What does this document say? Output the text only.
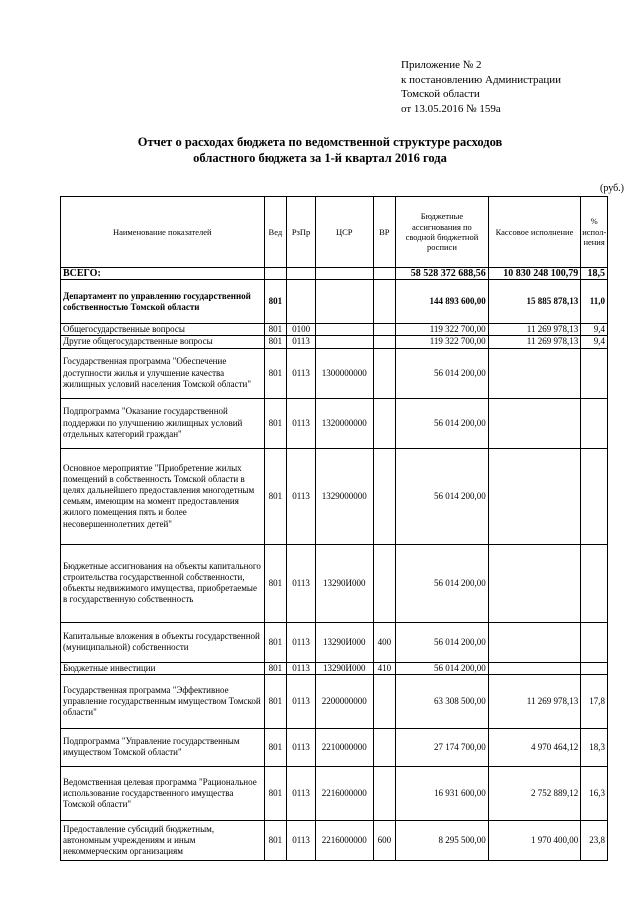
Приложение № 2
к постановлению Администрации
Томской области
от 13.05.2016 № 159а
Отчет о расходах бюджета по ведомственной структуре расходов
областного бюджета за 1-й квартал 2016 года
(руб.)
Наименование показателей	Вед	РзПр	ЦСР	ВР	Бюджетные ассигнования по сводной бюджетной росписи	Кассовое исполнение	% испол-нения
ВСЕГО:					58 528 372 688,56	10 830 248 100,79	18,5
Департамент по управлению государственной собственностью Томской области	801				144 893 600,00	15 885 878,13	11,0
Общегосударственные вопросы	801	0100			119 322 700,00	11 269 978,13	9,4
Другие общегосударственные вопросы	801	0113			119 322 700,00	11 269 978,13	9,4
Государственная программа "Обеспечение доступности жилья и улучшение качества жилищных условий населения Томской области"	801	0113	1300000000		56 014 200,00		
Подпрограмма "Оказание государственной поддержки по улучшению жилищных условий отдельных категорий граждан"	801	0113	1320000000		56 014 200,00		
Основное мероприятие "Приобретение жилых помещений в собственность Томской области в целях дальнейшего предоставления многодетным семьям, имеющим на момент предоставления жилого помещения пять и более несовершеннолетних детей"	801	0113	1329000000		56 014 200,00		
Бюджетные ассигнования на объекты капитального строительства государственной собственности, объекты недвижимого имущества, приобретаемые в государственную собственность	801	0113	13290И000		56 014 200,00		
Капитальные вложения в объекты государственной (муниципальной) собственности	801	0113	13290И000	400	56 014 200,00		
Бюджетные инвестиции	801	0113	13290И000	410	56 014 200,00		
Государственная программа "Эффективное управление государственным имуществом Томской области"	801	0113	2200000000		63 308 500,00	11 269 978,13	17,8
Подпрограмма "Управление государственным имуществом Томской области"	801	0113	2210000000		27 174 700,00	4 970 464,12	18,3
Ведомственная целевая программа "Рациональное использование государственного имущества Томской области"	801	0113	2216000000		16 931 600,00	2 752 889,12	16,3
Предоставление субсидий бюджетным, автономным учреждениям и иным некоммерческим организациям	801	0113	2216000000	600	8 295 500,00	1 970 400,00	23,8
